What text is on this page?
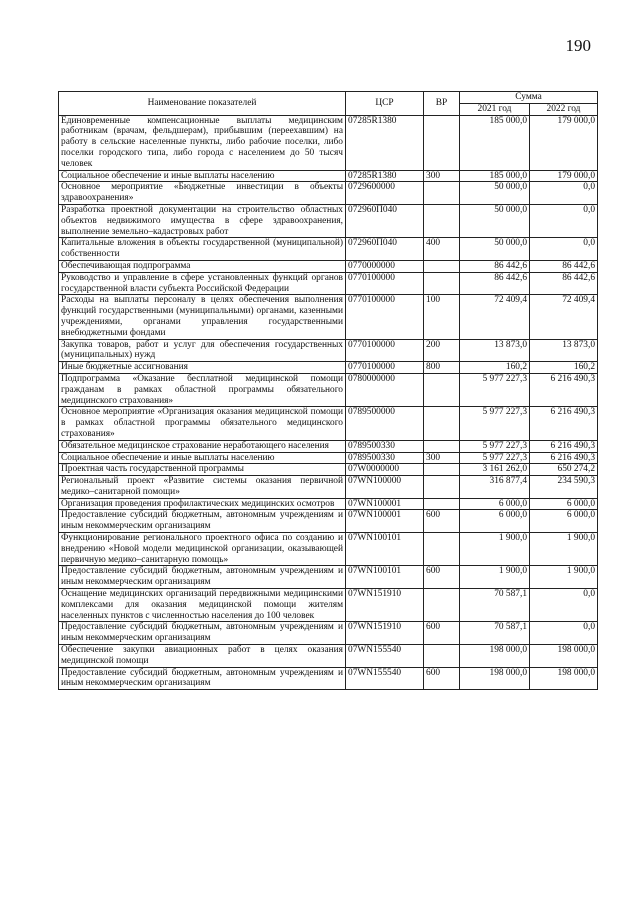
190
Наименование показателей	ЦСР	ВР	Сумма	
			2021 год	2022 год
Единовременные компенсационные выплаты медицинским работникам (врачам, фельдшерам), прибывшим (переехавшим) на работу в сельские населенные пункты, либо рабочие поселки, либо поселки городского типа, либо города с населением до 50 тысяч человек	07285R1380		185 000,0	179 000,0
Социальное обеспечение и иные выплаты населению	07285R1380	300	185 000,0	179 000,0
Основное мероприятие «Бюджетные инвестиции в объекты здравоохранения»	0729600000		50 000,0	0,0
Разработка проектной документации на строительство областных объектов недвижимого имущества в сфере здравоохранения, выполнение земельно–кадастровых работ	072960П040		50 000,0	0,0
Капитальные вложения в объекты государственной (муниципальной) собственности	072960П040	400	50 000,0	0,0
Обеспечивающая подпрограмма	0770000000		86 442,6	86 442,6
Руководство и управление в сфере установленных функций органов государственной власти субъекта Российской Федерации	0770100000		86 442,6	86 442,6
Расходы на выплаты персоналу в целях обеспечения выполнения функций государственными (муниципальными) органами, казенными учреждениями, органами управления государственными внебюджетными фондами	0770100000	100	72 409,4	72 409,4
Закупка товаров, работ и услуг для обеспечения государственных (муниципальных) нужд	0770100000	200	13 873,0	13 873,0
Иные бюджетные ассигнования	0770100000	800	160,2	160,2
Подпрограмма «Оказание бесплатной медицинской помощи гражданам в рамках областной программы обязательного медицинского страхования»	0780000000		5 977 227,3	6 216 490,3
Основное мероприятие «Организация оказания медицинской помощи в рамках областной программы обязательного медицинского страхования»	0789500000		5 977 227,3	6 216 490,3
Обязательное медицинское страхование неработающего населения	0789500330		5 977 227,3	6 216 490,3
Социальное обеспечение и иные выплаты населению	0789500330	300	5 977 227,3	6 216 490,3
Проектная часть государственной программы	07W0000000		3 161 262,0	650 274,2
Региональный проект «Развитие системы оказания первичной медико–санитарной помощи»	07WN100000		316 877,4	234 590,3
Организация проведения профилактических медицинских осмотров	07WN100001		6 000,0	6 000,0
Предоставление субсидий бюджетным, автономным учреждениям и иным некоммерческим организациям	07WN100001	600	6 000,0	6 000,0
Функционирование регионального проектного офиса по созданию и внедрению «Новой модели медицинской организации, оказывающей первичную медико–санитарную помощь»	07WN100101		1 900,0	1 900,0
Предоставление субсидий бюджетным, автономным учреждениям и иным некоммерческим организациям	07WN100101	600	1 900,0	1 900,0
Оснащение медицинских организаций передвижными медицинскими комплексами для оказания медицинской помощи жителям населенных пунктов с численностью населения до 100 человек	07WN151910		70 587,1	0,0
Предоставление субсидий бюджетным, автономным учреждениям и иным некоммерческим организациям	07WN151910	600	70 587,1	0,0
Обеспечение закупки авиационных работ в целях оказания медицинской помощи	07WN155540		198 000,0	198 000,0
Предоставление субсидий бюджетным, автономным учреждениям и иным некоммерческим организациям	07WN155540	600	198 000,0	198 000,0
